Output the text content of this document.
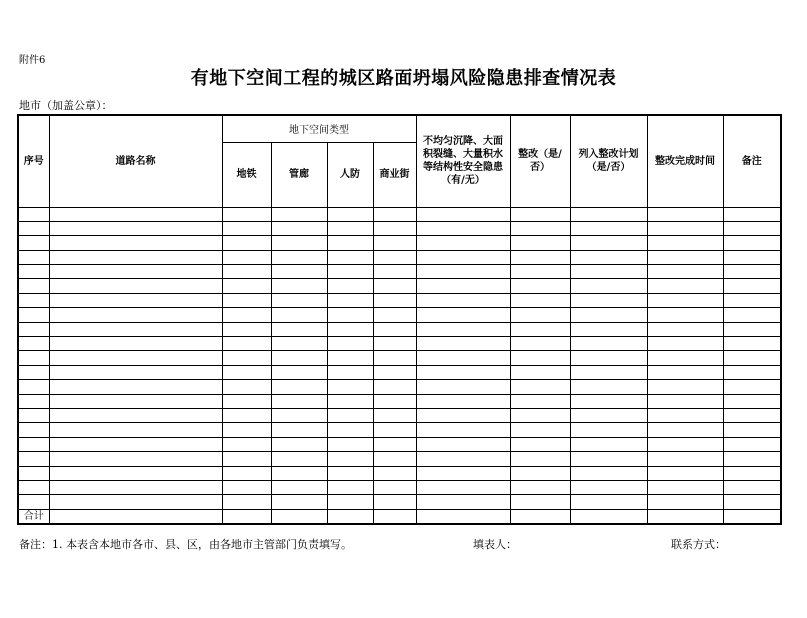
附件6
有地下空间工程的城区路面坍塌风险隐患排查情况表
地市（加盖公章）：
序号	道路名称	地下空间类型				不均匀沉降、大面积裂缝、大量积水等结构性安全隐患（有/无）	整改（是/否）	列入整改计划（是/否）	整改完成时间	备注
		地铁	管廊	人防	商业街					

合计										
备注：1. 本表含本地市各市、县、区，由各地市主管部门负责填写。	填表人：	联系方式：
